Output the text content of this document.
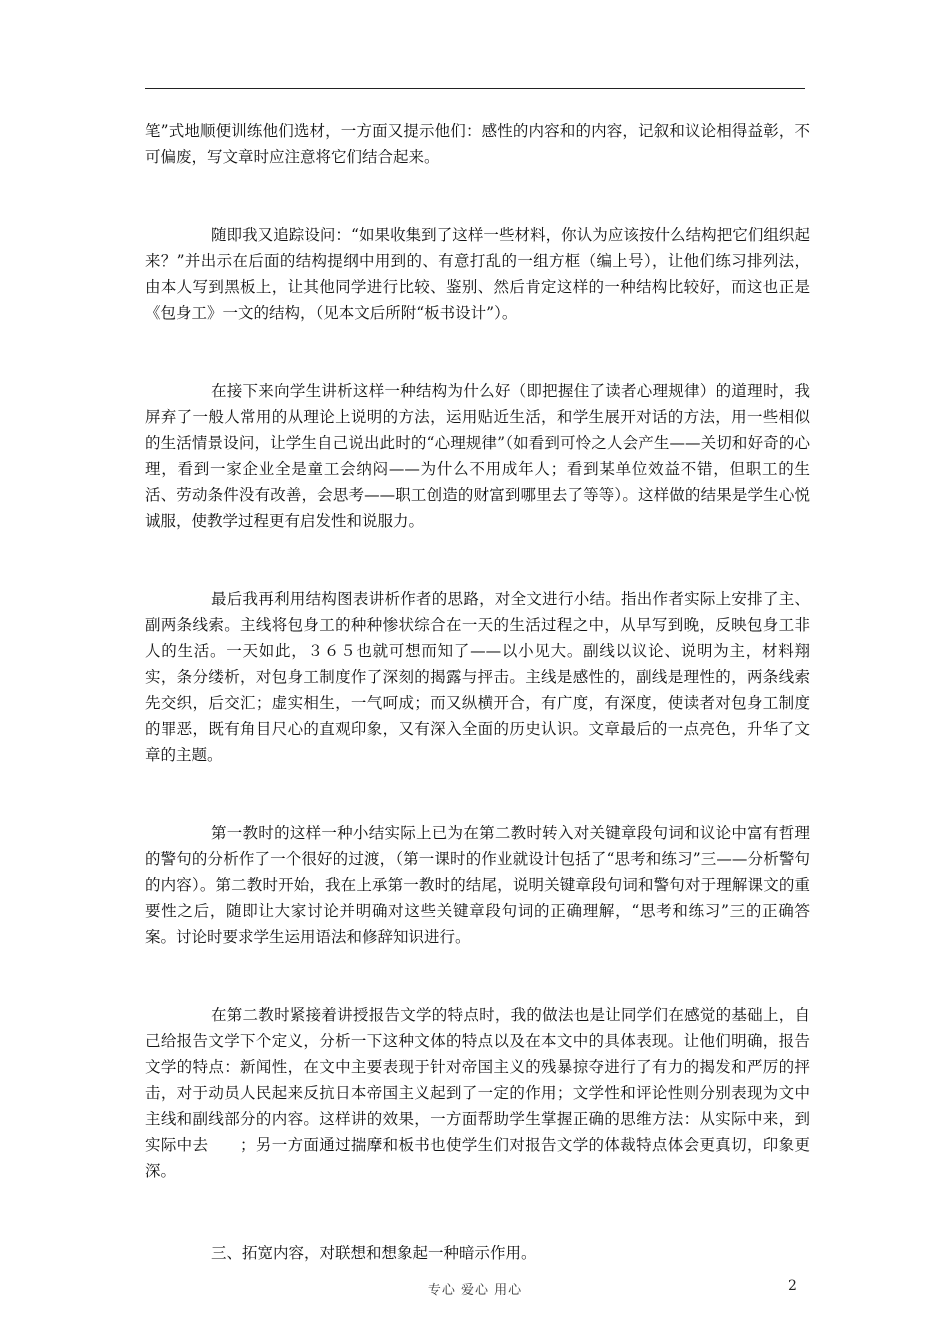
笔”式地顺便训练他们选材，一方面又提示他们：感性的内容和的内容，记叙和议论相得益彰，不可偏废，写文章时应注意将它们结合起来。

随即我又追踪设问：“如果收集到了这样一些材料，你认为应该按什么结构把它们组织起来？”并出示在后面的结构提纲中用到的、有意打乱的一组方框（编上号），让他们练习排列法，由本人写到黑板上，让其他同学进行比较、鉴别、然后肯定这样的一种结构比较好，而这也正是《包身工》一文的结构，（见本文后所附“板书设计”）。

在接下来向学生讲析这样一种结构为什么好（即把握住了读者心理规律）的道理时，我屏弃了一般人常用的从理论上说明的方法，运用贴近生活，和学生展开对话的方法，用一些相似的生活情景设问，让学生自己说出此时的“心理规律”（如看到可怜之人会产生——关切和好奇的心理，看到一家企业全是童工会纳闷——为什么不用成年人；看到某单位效益不错，但职工的生活、劳动条件没有改善，会思考——职工创造的财富到哪里去了等等）。这样做的结果是学生心悦诚服，使教学过程更有启发性和说服力。

最后我再利用结构图表讲析作者的思路，对全文进行小结。指出作者实际上安排了主、副两条线索。主线将包身工的种种惨状综合在一天的生活过程之中，从早写到晚，反映包身工非人的生活。一天如此，３６５也就可想而知了——以小见大。副线以议论、说明为主，材料翔实，条分缕析，对包身工制度作了深刻的揭露与抨击。主线是感性的，副线是理性的，两条线索先交织，后交汇；虚实相生，一气呵成；而又纵横开合，有广度，有深度，使读者对包身工制度的罪恶，既有角目尺心的直观印象，又有深入全面的历史认识。文章最后的一点亮色，升华了文章的主题。

第一教时的这样一种小结实际上已为在第二教时转入对关键章段句词和议论中富有哲理的警句的分析作了一个很好的过渡，（第一课时的作业就设计包括了“思考和练习”三——分析警句的内容）。第二教时开始，我在上承第一教时的结尾，说明关键章段句词和警句对于理解课文的重要性之后，随即让大家讨论并明确对这些关键章段句词的正确理解，“思考和练习”三的正确答案。讨论时要求学生运用语法和修辞知识进行。

在第二教时紧接着讲授报告文学的特点时，我的做法也是让同学们在感觉的基础上，自己给报告文学下个定义，分析一下这种文体的特点以及在本文中的具体表现。让他们明确，报告文学的特点：新闻性，在文中主要表现于针对帝国主义的残暴掠夺进行了有力的揭发和严厉的抨击，对于动员人民起来反抗日本帝国主义起到了一定的作用；文学性和评论性则分别表现为文中主线和副线部分的内容。这样讲的效果，一方面帮助学生掌握正确的思维方法：从实际中来，到实际中去　　；另一方面通过揣摩和板书也使学生们对报告文学的体裁特点体会更真切，印象更深。

三、拓宽内容，对联想和想象起一种暗示作用。

专心 爱心 用心	2
